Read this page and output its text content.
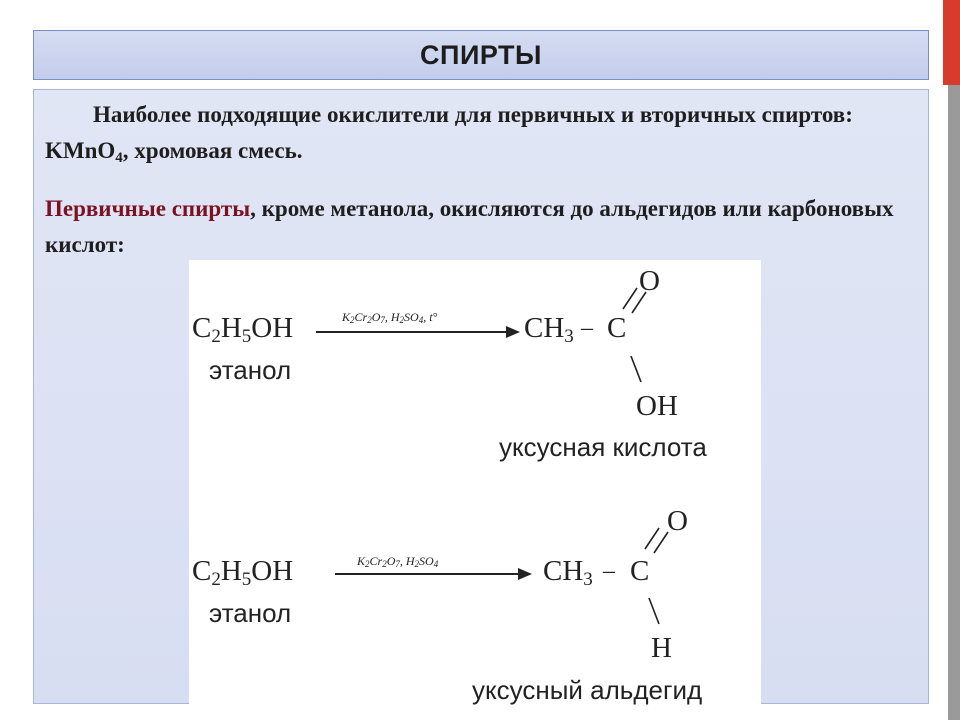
СПИРТЫ
Наиболее подходящие окислители для первичных и вторичных спиртов: KMnO$_4$, хромовая смесь.
Первичные спирты, кроме метанола, окисляются до альдегидов или карбоновых кислот:
$C_2H_5OH$
этанол
$K_2Cr_2O_7$, $H_2SO_4$, t°	$CH_3$ – C
O
OH
уксусная кислота
$C_2H_5OH$
этанол
$K_2Cr_2O_7$, $H_2SO_4$	$CH_3$ – C
O
H
уксусный альдегид
